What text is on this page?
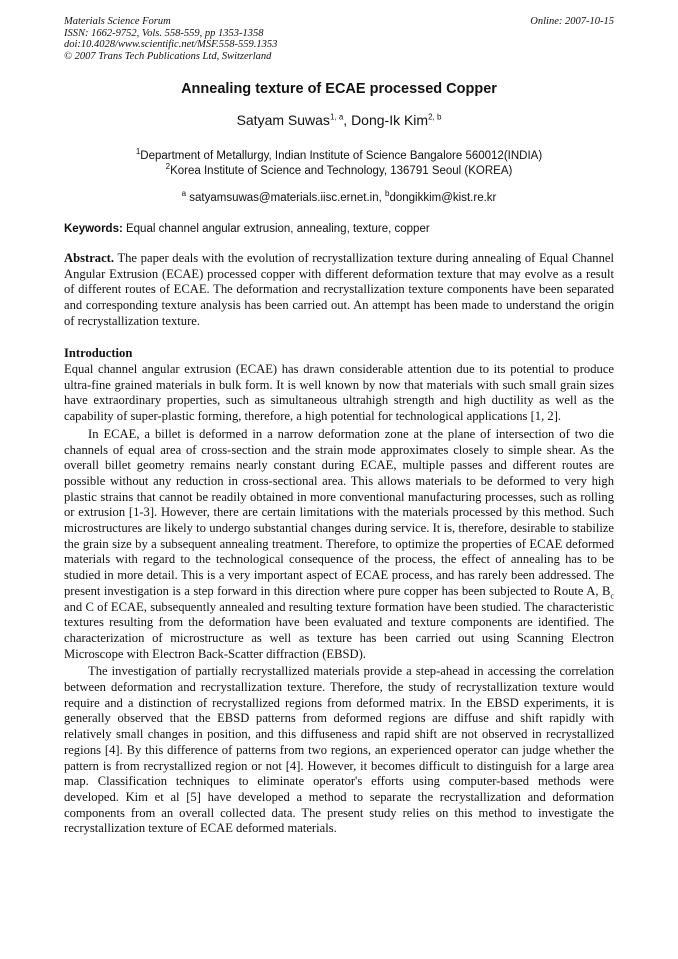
Materials Science Forum
ISSN: 1662-9752, Vols. 558-559, pp 1353-1358
doi:10.4028/www.scientific.net/MSF.558-559.1353
© 2007 Trans Tech Publications Ltd, Switzerland
Online: 2007-10-15
Annealing texture of ECAE processed Copper
Satyam Suwas$^{1, a}$, Dong-Ik Kim$^{2, b}$
$^1$Department of Metallurgy, Indian Institute of Science Bangalore 560012(INDIA)
$^2$Korea Institute of Science and Technology, 136791 Seoul (KOREA)
$^a$ satyamsuwas@materials.iisc.ernet.in, $^b$dongikkim@kist.re.kr
Keywords: Equal channel angular extrusion, annealing, texture, copper

Abstract. The paper deals with the evolution of recrystallization texture during annealing of Equal Channel Angular Extrusion (ECAE) processed copper with different deformation texture that may evolve as a result of different routes of ECAE. The deformation and recrystallization texture components have been separated and corresponding texture analysis has been carried out. An attempt has been made to understand the origin of recrystallization texture.

Introduction

Equal channel angular extrusion (ECAE) has drawn considerable attention due to its potential to produce ultra-fine grained materials in bulk form. It is well known by now that materials with such small grain sizes have extraordinary properties, such as simultaneous ultrahigh strength and high ductility as well as the capability of super-plastic forming, therefore, a high potential for technological applications [1, 2].

In ECAE, a billet is deformed in a narrow deformation zone at the plane of intersection of two die channels of equal area of cross-section and the strain mode approximates closely to simple shear. As the overall billet geometry remains nearly constant during ECAE, multiple passes and different routes are possible without any reduction in cross-sectional area. This allows materials to be deformed to very high plastic strains that cannot be readily obtained in more conventional manufacturing processes, such as rolling or extrusion [1-3]. However, there are certain limitations with the materials processed by this method. Such microstructures are likely to undergo substantial changes during service. It is, therefore, desirable to stabilize the grain size by a subsequent annealing treatment. Therefore, to optimize the properties of ECAE deformed materials with regard to the technological consequence of the process, the effect of annealing has to be studied in more detail. This is a very important aspect of ECAE process, and has rarely been addressed. The present investigation is a step forward in this direction where pure copper has been subjected to Route A, $B_c$ and C of ECAE, subsequently annealed and resulting texture formation have been studied. The characteristic textures resulting from the deformation have been evaluated and texture components are identified. The characterization of microstructure as well as texture has been carried out using Scanning Electron Microscope with Electron Back-Scatter diffraction (EBSD).

The investigation of partially recrystallized materials provide a step-ahead in accessing the correlation between deformation and recrystallization texture. Therefore, the study of recrystallization texture would require and a distinction of recrystallized regions from deformed matrix. In the EBSD experiments, it is generally observed that the EBSD patterns from deformed regions are diffuse and shift rapidly with relatively small changes in position, and this diffuseness and rapid shift are not observed in recrystallized regions [4]. By this difference of patterns from two regions, an experienced operator can judge whether the pattern is from recrystallized region or not [4]. However, it becomes difficult to distinguish for a large area map. Classification techniques to eliminate operator's efforts using computer-based methods were developed. Kim et al [5] have developed a method to separate the recrystallization and deformation components from an overall collected data. The present study relies on this method to investigate the recrystallization texture of ECAE deformed materials.
